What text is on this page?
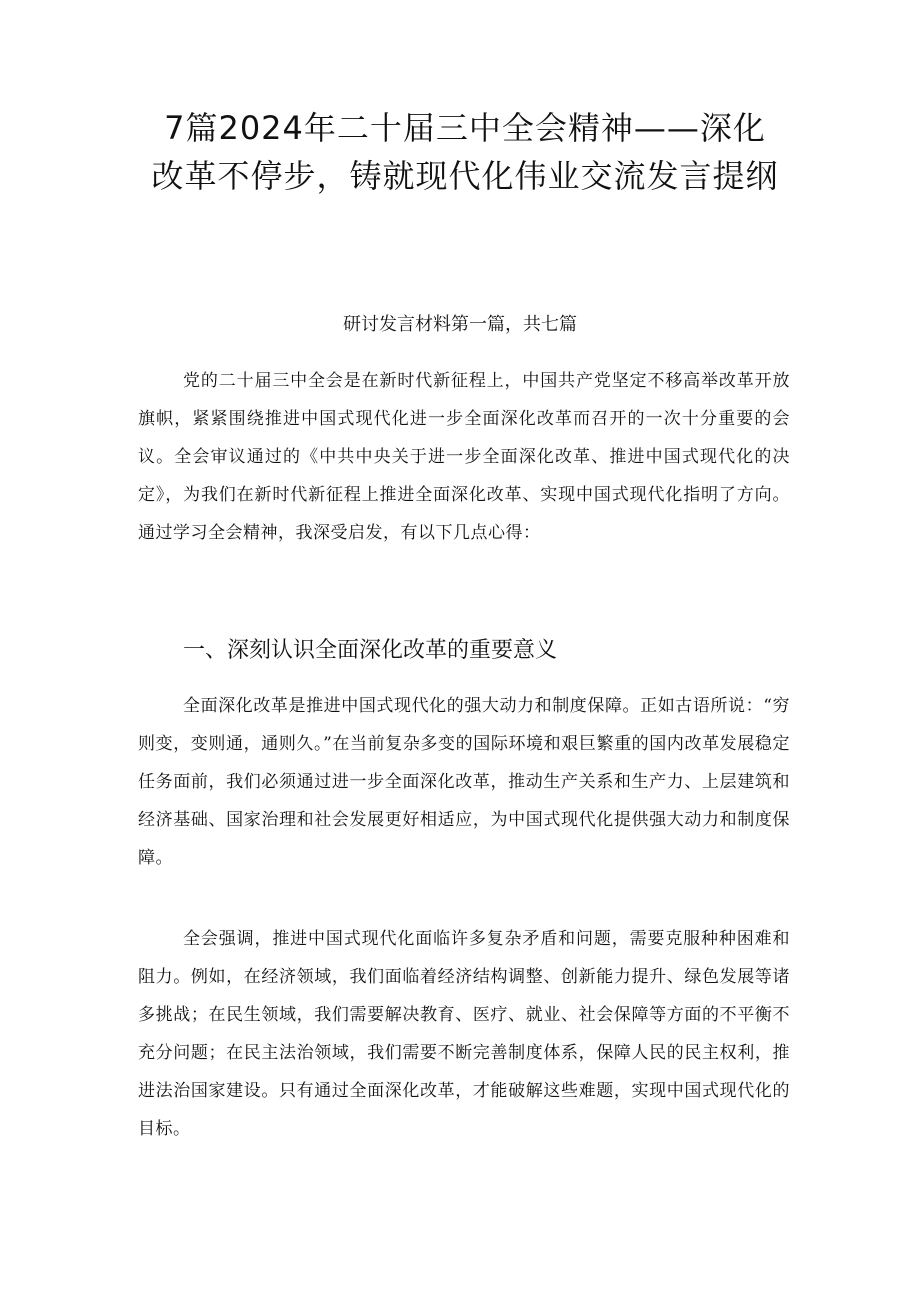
7篇2024年二十届三中全会精神——深化改革不停步，铸就现代化伟业交流发言提纲
研讨发言材料第一篇，共七篇

党的二十届三中全会是在新时代新征程上，中国共产党坚定不移高举改革开放旗帜，紧紧围绕推进中国式现代化进一步全面深化改革而召开的一次十分重要的会议。全会审议通过的《中共中央关于进一步全面深化改革、推进中国式现代化的决定》，为我们在新时代新征程上推进全面深化改革、实现中国式现代化指明了方向。通过学习全会精神，我深受启发，有以下几点心得：

一、深刻认识全面深化改革的重要意义

全面深化改革是推进中国式现代化的强大动力和制度保障。正如古语所说：“穷则变，变则通，通则久。”在当前复杂多变的国际环境和艰巨繁重的国内改革发展稳定任务面前，我们必须通过进一步全面深化改革，推动生产关系和生产力、上层建筑和经济基础、国家治理和社会发展更好相适应，为中国式现代化提供强大动力和制度保障。

全会强调，推进中国式现代化面临许多复杂矛盾和问题，需要克服种种困难和阻力。例如，在经济领域，我们面临着经济结构调整、创新能力提升、绿色发展等诸多挑战；在民生领域，我们需要解决教育、医疗、就业、社会保障等方面的不平衡不充分问题；在民主法治领域，我们需要不断完善制度体系，保障人民的民主权利，推进法治国家建设。只有通过全面深化改革，才能破解这些难题，实现中国式现代化的目标。
